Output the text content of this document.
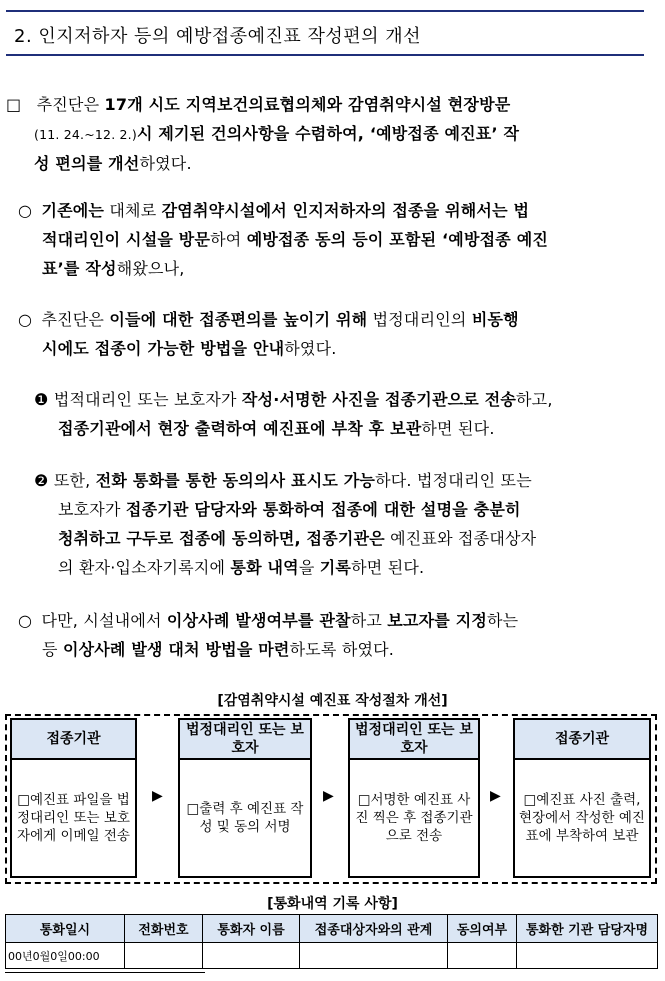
2. 인지저하자 등의 예방접종예진표 작성편의 개선
□ 추진단은 17개 시도 지역보건의료협의체와 감염취약시설 현장방문
(11. 24.~12. 2.)시 제기된 건의사항을 수렴하여, ‘예방접종 예진표’ 작
성 편의를 개선하였다.
○ 기존에는 대체로 감염취약시설에서 인지저하자의 접종을 위해서는 법
적대리인이 시설을 방문하여 예방접종 동의 등이 포함된 ‘예방접종 예진
표’를 작성해왔으나,
○ 추진단은 이들에 대한 접종편의를 높이기 위해 법정대리인의 비동행
시에도 접종이 가능한 방법을 안내하였다.
❶ 법적대리인 또는 보호자가 작성·서명한 사진을 접종기관으로 전송하고,
접종기관에서 현장 출력하여 예진표에 부착 후 보관하면 된다.
❷ 또한, 전화 통화를 통한 동의의사 표시도 가능하다. 법정대리인 또는
보호자가 접종기관 담당자와 통화하여 접종에 대한 설명을 충분히
청취하고 구두로 접종에 동의하면, 접종기관은 예진표와 접종대상자
의 환자·입소자기록지에 통화 내역을 기록하면 된다.
○ 다만, 시설내에서 이상사례 발생여부를 관찰하고 보고자를 지정하는
등 이상사례 발생 대처 방법을 마련하도록 하였다.
[감염취약시설 예진표 작성절차 개선]
접종기관
□예진표 파일을 법정대리인 또는 보호자에게 이메일 전송
▶
법정대리인 또는 보호자
□출력 후 예진표 작성 및 동의 서명
▶
법정대리인 또는 보호자
□서명한 예진표 사진 찍은 후 접종기관으로 전송
▶
접종기관
□예진표 사진 출력, 현장에서 작성한 예진표에 부착하여 보관
[통화내역 기록 사항]
통화일시	전화번호	통화자 이름	접종대상자와의 관계	동의여부	통화한 기관 담당자명
00년0월0일00:00					
